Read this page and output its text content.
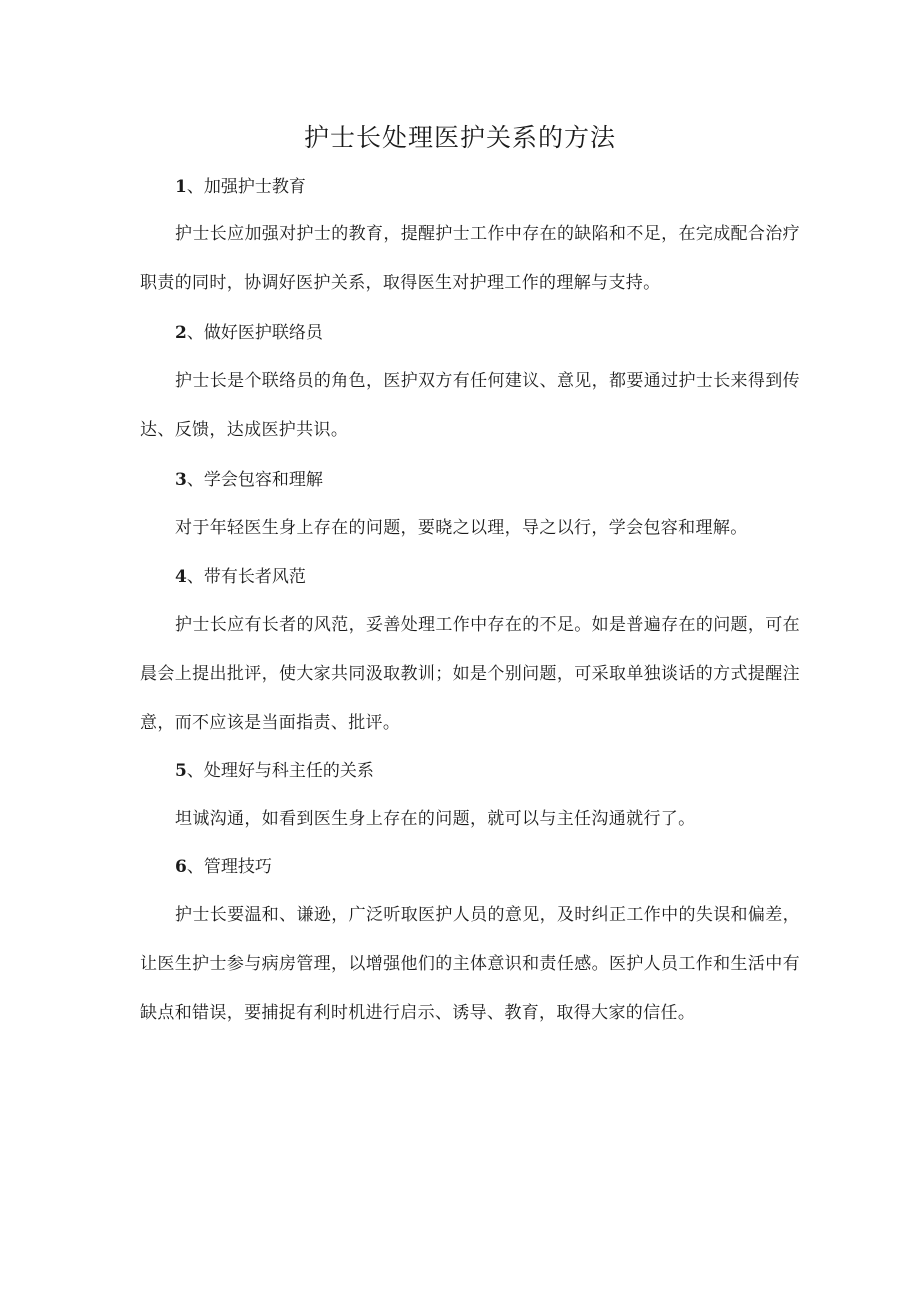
护士长处理医护关系的方法
1、加强护士教育

护士长应加强对护士的教育，提醒护士工作中存在的缺陷和不足，在完成配合治疗职责的同时，协调好医护关系，取得医生对护理工作的理解与支持。

2、做好医护联络员

护士长是个联络员的角色，医护双方有任何建议、意见，都要通过护士长来得到传达、反馈，达成医护共识。

3、学会包容和理解

对于年轻医生身上存在的问题，要晓之以理，导之以行，学会包容和理解。

4、带有长者风范

护士长应有长者的风范，妥善处理工作中存在的不足。如是普遍存在的问题，可在晨会上提出批评，使大家共同汲取教训；如是个别问题，可采取单独谈话的方式提醒注意，而不应该是当面指责、批评。

5、处理好与科主任的关系

坦诚沟通，如看到医生身上存在的问题，就可以与主任沟通就行了。

6、管理技巧

护士长要温和、谦逊，广泛听取医护人员的意见，及时纠正工作中的失误和偏差，让医生护士参与病房管理，以增强他们的主体意识和责任感。医护人员工作和生活中有缺点和错误，要捕捉有利时机进行启示、诱导、教育，取得大家的信任。
